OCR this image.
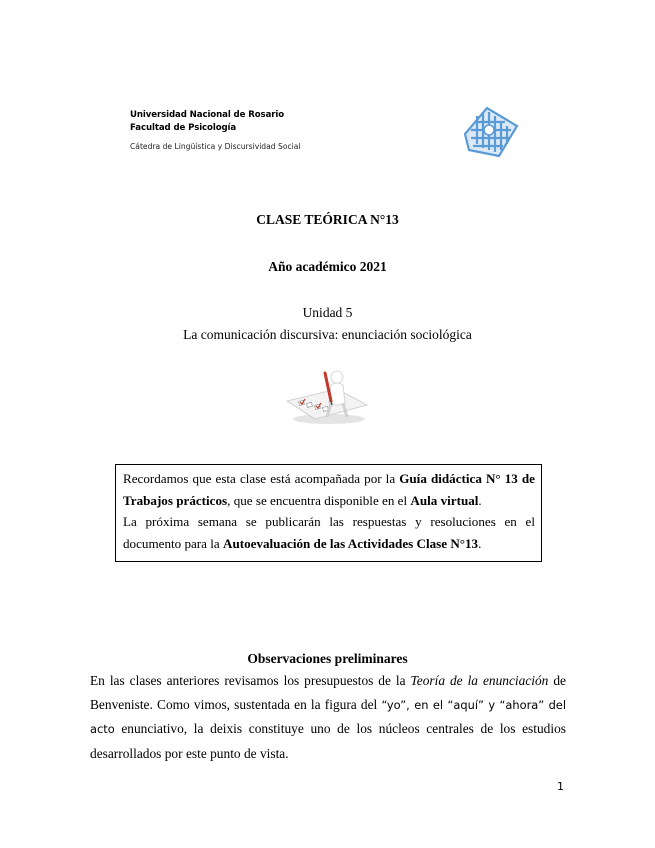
Universidad Nacional de Rosario
Facultad de Psicología
Cátedra de Lingüística y Discursividad Social
CLASE TEÓRICA N°13
Año académico 2021
Unidad 5
La comunicación discursiva: enunciación sociológica

Recordamos que esta clase está acompañada por la Guía didáctica N° 13 de Trabajos prácticos, que se encuentra disponible en el Aula virtual.

La próxima semana se publicarán las respuestas y resoluciones en el documento para la Autoevaluación de las Actividades Clase N°13.

Observaciones preliminares

En las clases anteriores revisamos los presupuestos de la Teoría de la enunciación de Benveniste. Como vimos, sustentada en la figura del “yo”, en el “aquí” y “ahora” del acto enunciativo, la deixis constituye uno de los núcleos centrales de los estudios desarrollados por este punto de vista.

1
